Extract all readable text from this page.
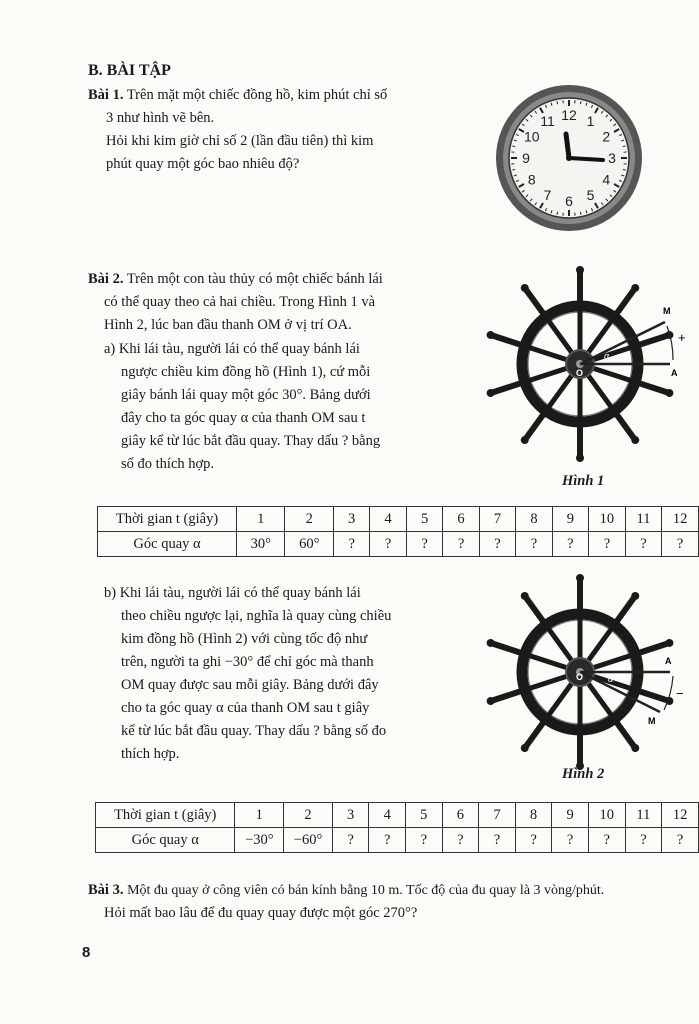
B. BÀI TẬP
Bài 1. Trên mặt một chiếc đồng hồ, kim phút chỉ số
3 như hình vẽ bên.
Hỏi khi kim giờ chỉ số 2 (lần đầu tiên) thì kim
phút quay một góc bao nhiêu độ?
12 1
2
3
4
5
6
7
8
9
10
11
Bài 2. Trên một con tàu thủy có một chiếc bánh lái
có thể quay theo cả hai chiều. Trong Hình 1 và
Hình 2, lúc ban đầu thanh OM ở vị trí OA.
a) Khi lái tàu, người lái có thể quay bánh lái
ngược chiều kim đồng hồ (Hình 1), cứ mỗi
giây bánh lái quay một góc 30°. Bảng dưới
đây cho ta góc quay α của thanh OM sau t
giây kể từ lúc bắt đầu quay. Thay dấu ? bằng
số đo thích hợp.
M
A
O
α
+
Hình 1
Thời gian t (giây)	1	2	3	4	5	6	7	8	9	10	11	12
Góc quay α	30°	60°	?	?	?	?	?	?	?	?	?	?
b) Khi lái tàu, người lái có thể quay bánh lái
theo chiều ngược lại, nghĩa là quay cùng chiều
kim đồng hồ (Hình 2) với cùng tốc độ như
trên, người ta ghi −30° để chỉ góc mà thanh
OM quay được sau mỗi giây. Bảng dưới đây
cho ta góc quay α của thanh OM sau t giây
kể từ lúc bắt đầu quay. Thay dấu ? bằng số đo
thích hợp.
A
M
O	α
−
Hình 2
Thời gian t (giây)	1	2	3	4	5	6	7	8	9	10	11	12
Góc quay α	−30°	−60°	?	?	?	?	?	?	?	?	?	?
Bài 3. Một đu quay ở công viên có bán kính bằng 10 m. Tốc độ của đu quay là 3 vòng/phút.
Hỏi mất bao lâu để đu quay quay được một góc 270°?
8
